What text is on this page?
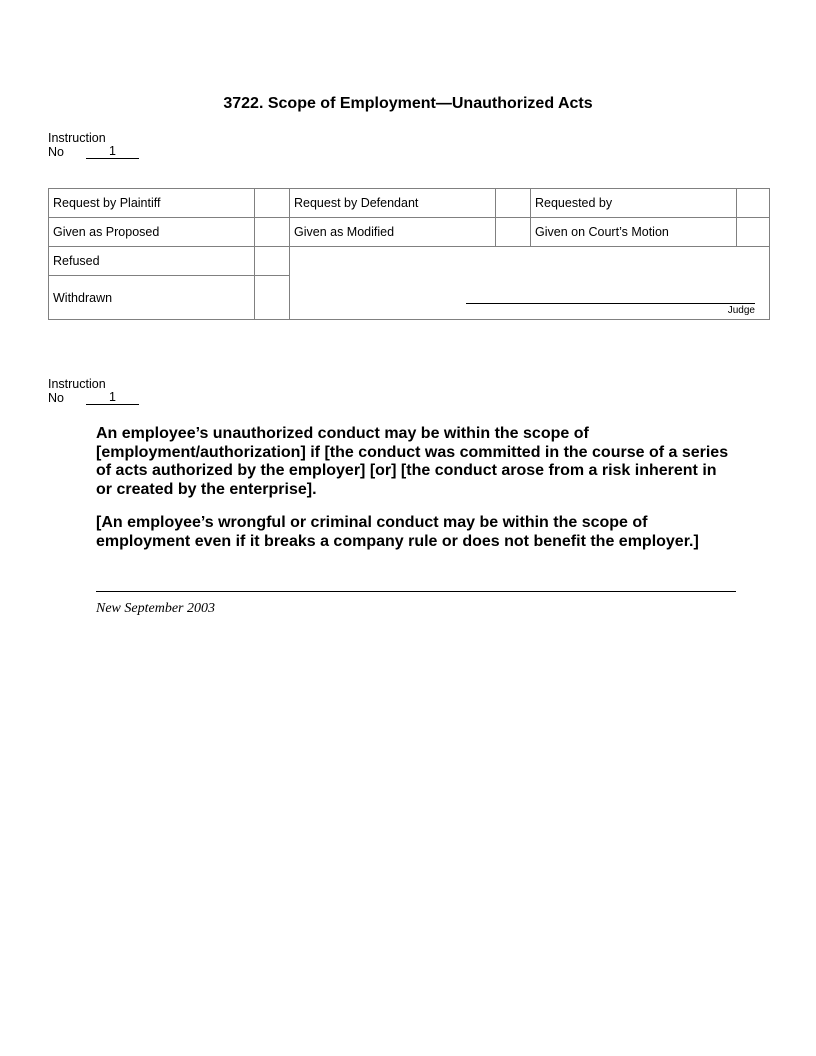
3722. Scope of Employment—Unauthorized Acts
Instruction
No	1
Request by Plaintiff		Request by Defendant		Requested by	
Given as Proposed		Given as Modified		Given on Court’s Motion	
Refused		Judge			

Withdrawn					
Instruction
No	1
An employee’s unauthorized conduct may be within the scope of [employment/authorization] if [the conduct was committed in the course of a series of acts authorized by the employer] [or] [the conduct arose from a risk inherent in or created by the enterprise].
[An employee’s wrongful or criminal conduct may be within the scope of employment even if it breaks a company rule or does not benefit the employer.]
New September 2003
